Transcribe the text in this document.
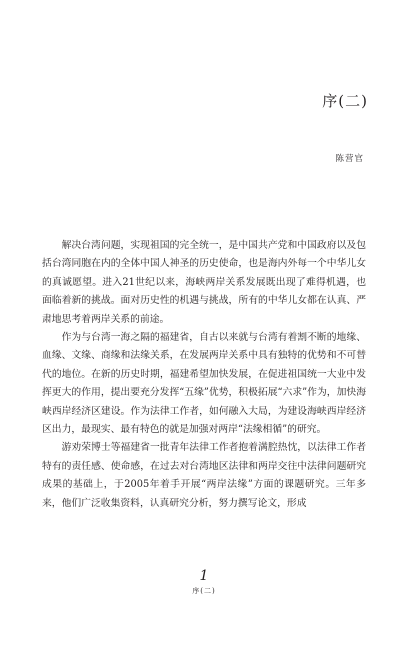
序(二)
陈营官

解决台湾问题，实现祖国的完全统一，是中国共产党和中国政府以及包括台湾同胞在内的全体中国人神圣的历史使命，也是海内外每一个中华儿女的真诚愿望。进入21世纪以来，海峡两岸关系发展既出现了难得机遇，也面临着新的挑战。面对历史性的机遇与挑战，所有的中华儿女都在认真、严肃地思考着两岸关系的前途。

作为与台湾一海之隔的福建省，自古以来就与台湾有着割不断的地缘、血缘、文缘、商缘和法缘关系，在发展两岸关系中具有独特的优势和不可替代的地位。在新的历史时期，福建希望加快发展，在促进祖国统一大业中发挥更大的作用，提出要充分发挥“五缘”优势，积极拓展“六求”作为，加快海峡西岸经济区建设。作为法律工作者，如何融入大局，为建设海峡西岸经济区出力，最现实、最有特色的就是加强对两岸“法缘相循”的研究。

游劝荣博士等福建省一批青年法律工作者抱着满腔热忱，以法律工作者特有的责任感、使命感，在过去对台湾地区法律和两岸交往中法律问题研究成果的基础上，于2005年着手开展“两岸法缘”方面的课题研究。三年多来，他们广泛收集资料，认真研究分析，努力撰写论文，形成

1
序(二)
